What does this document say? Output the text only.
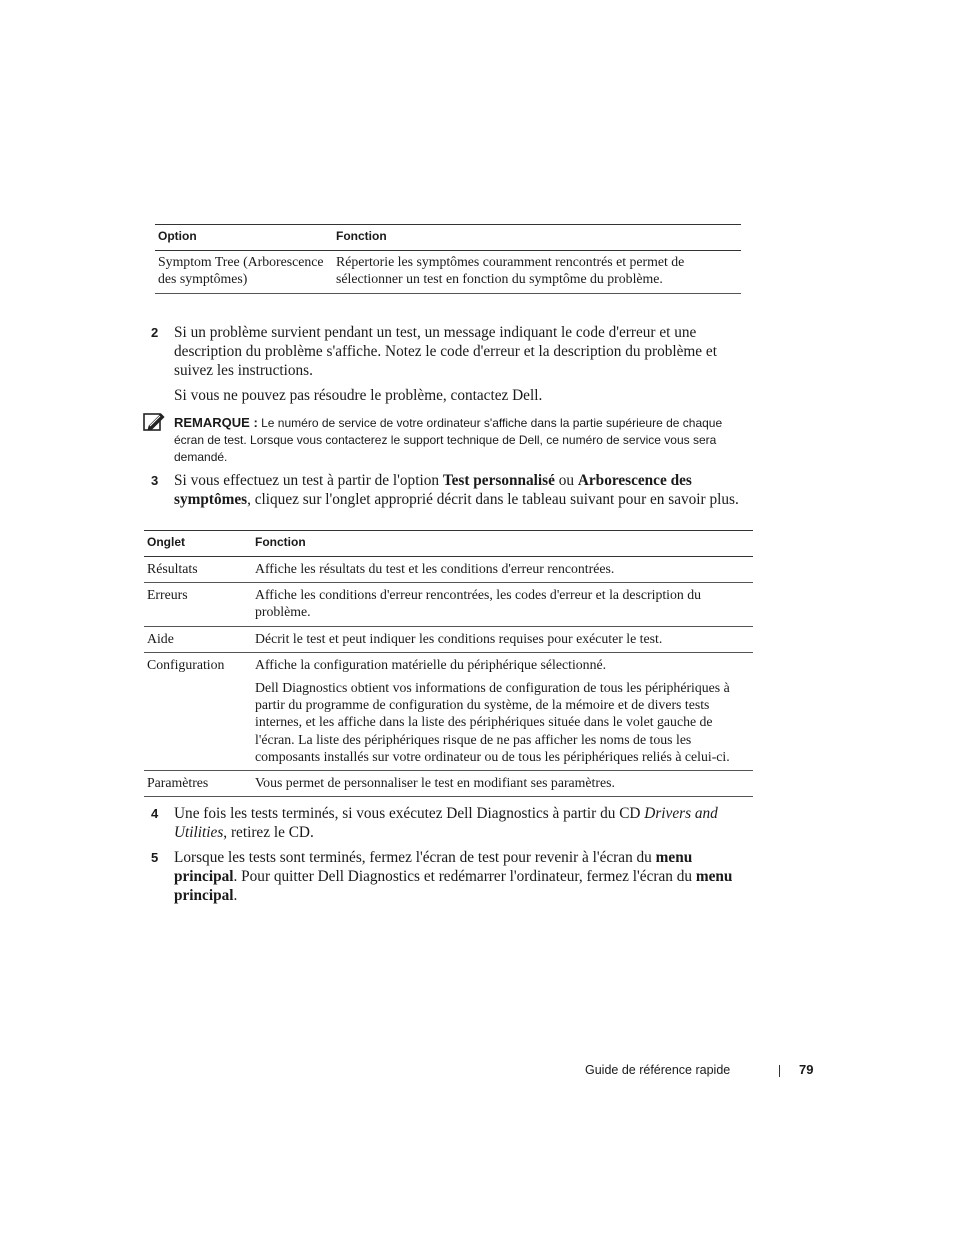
Option	Fonction
Symptom Tree (Arborescence des symptômes)	Répertorie les symptômes couramment rencontrés et permet de sélectionner un test en fonction du symptôme du problème.
2 Si un problème survient pendant un test, un message indiquant le code d'erreur et une description du problème s'affiche. Notez le code d'erreur et la description du problème et suivez les instructions.

Si vous ne pouvez pas résoudre le problème, contactez Dell.

REMARQUE : Le numéro de service de votre ordinateur s'affiche dans la partie supérieure de chaque écran de test. Lorsque vous contacterez le support technique de Dell, ce numéro de service vous sera demandé.

3 Si vous effectuez un test à partir de l'option Test personnalisé ou Arborescence des symptômes, cliquez sur l'onglet approprié décrit dans le tableau suivant pour en savoir plus.

Onglet	Fonction
Résultats	Affiche les résultats du test et les conditions d'erreur rencontrées.
Erreurs	Affiche les conditions d'erreur rencontrées, les codes d'erreur et la description du problème.
Aide	Décrit le test et peut indiquer les conditions requises pour exécuter le test.
Configuration	Affiche la configuration matérielle du périphérique sélectionné.

Dell Diagnostics obtient vos informations de configuration de tous les périphériques à partir du programme de configuration du système, de la mémoire et de divers tests internes, et les affiche dans la liste des périphériques située dans le volet gauche de l'écran. La liste des périphériques risque de ne pas afficher les noms de tous les composants installés sur votre ordinateur ou de tous les périphériques reliés à celui-ci.

Paramètres	Vous permet de personnaliser le test en modifiant ses paramètres.
4 Une fois les tests terminés, si vous exécutez Dell Diagnostics à partir du CD Drivers and Utilities, retirez le CD.

5 Lorsque les tests sont terminés, fermez l'écran de test pour revenir à l'écran du menu principal. Pour quitter Dell Diagnostics et redémarrer l'ordinateur, fermez l'écran du menu principal.

Guide de référence rapide	79
